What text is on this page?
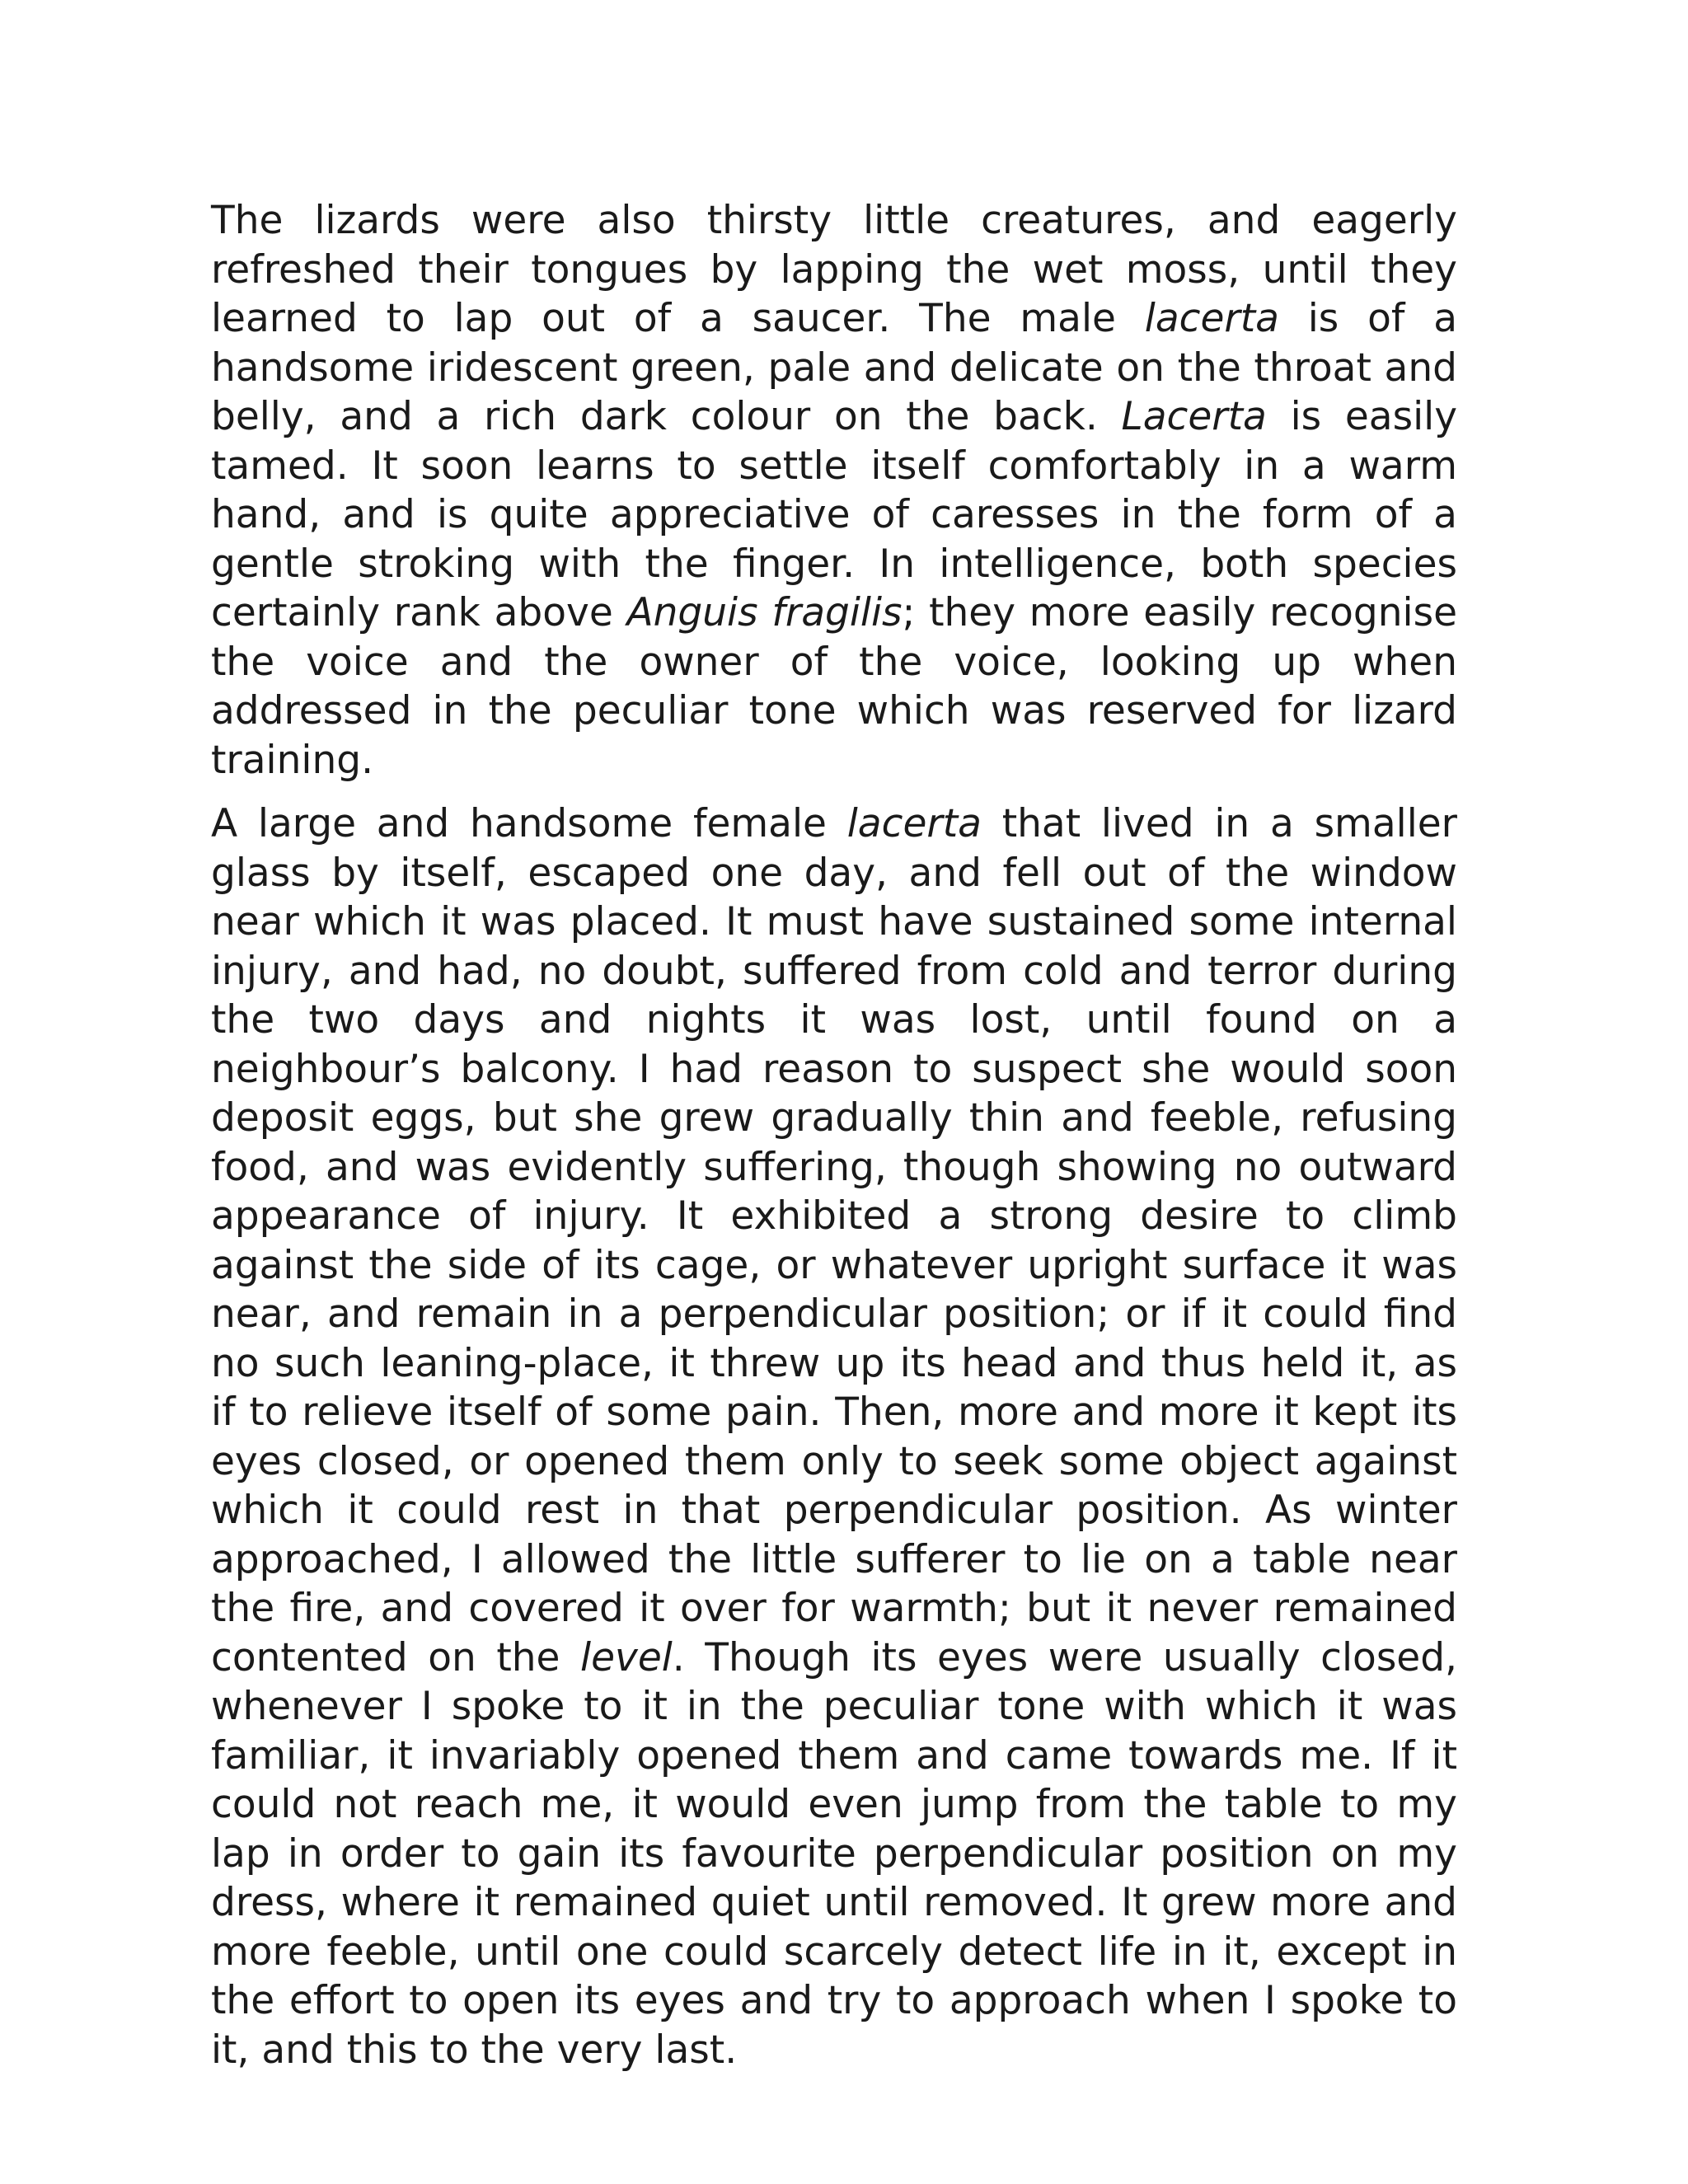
The lizards were also thirsty little creatures, and eagerly refreshed their tongues by lapping the wet moss, until they learned to lap out of a saucer. The male lacerta is of a handsome iridescent green, pale and delicate on the throat and belly, and a rich dark colour on the back. Lacerta is easily tamed. It soon learns to settle itself comfortably in a warm hand, and is quite appreciative of caresses in the form of a gentle stroking with the finger. In intelligence, both species certainly rank above Anguis fragilis; they more easily recognise the voice and the owner of the voice, looking up when addressed in the peculiar tone which was reserved for lizard training.

A large and handsome female lacerta that lived in a smaller glass by itself, escaped one day, and fell out of the window near which it was placed. It must have sustained some internal injury, and had, no doubt, suffered from cold and terror during the two days and nights it was lost, until found on a neighbour’s balcony. I had reason to suspect she would soon deposit eggs, but she grew gradually thin and feeble, refusing food, and was evidently suffering, though showing no outward appearance of injury. It exhibited a strong desire to climb against the side of its cage, or whatever upright surface it was near, and remain in a perpendicular position; or if it could find no such leaning-place, it threw up its head and thus held it, as if to relieve itself of some pain. Then, more and more it kept its eyes closed, or opened them only to seek some object against which it could rest in that perpendicular position. As winter approached, I allowed the little sufferer to lie on a table near the fire, and covered it over for warmth; but it never remained contented on the level. Though its eyes were usually closed, whenever I spoke to it in the peculiar tone with which it was familiar, it invariably opened them and came towards me. If it could not reach me, it would even jump from the table to my lap in order to gain its favourite perpendicular position on my dress, where it remained quiet until removed. It grew more and more feeble, until one could scarcely detect life in it, except in the effort to open its eyes and try to approach when I spoke to it, and this to the very last.
